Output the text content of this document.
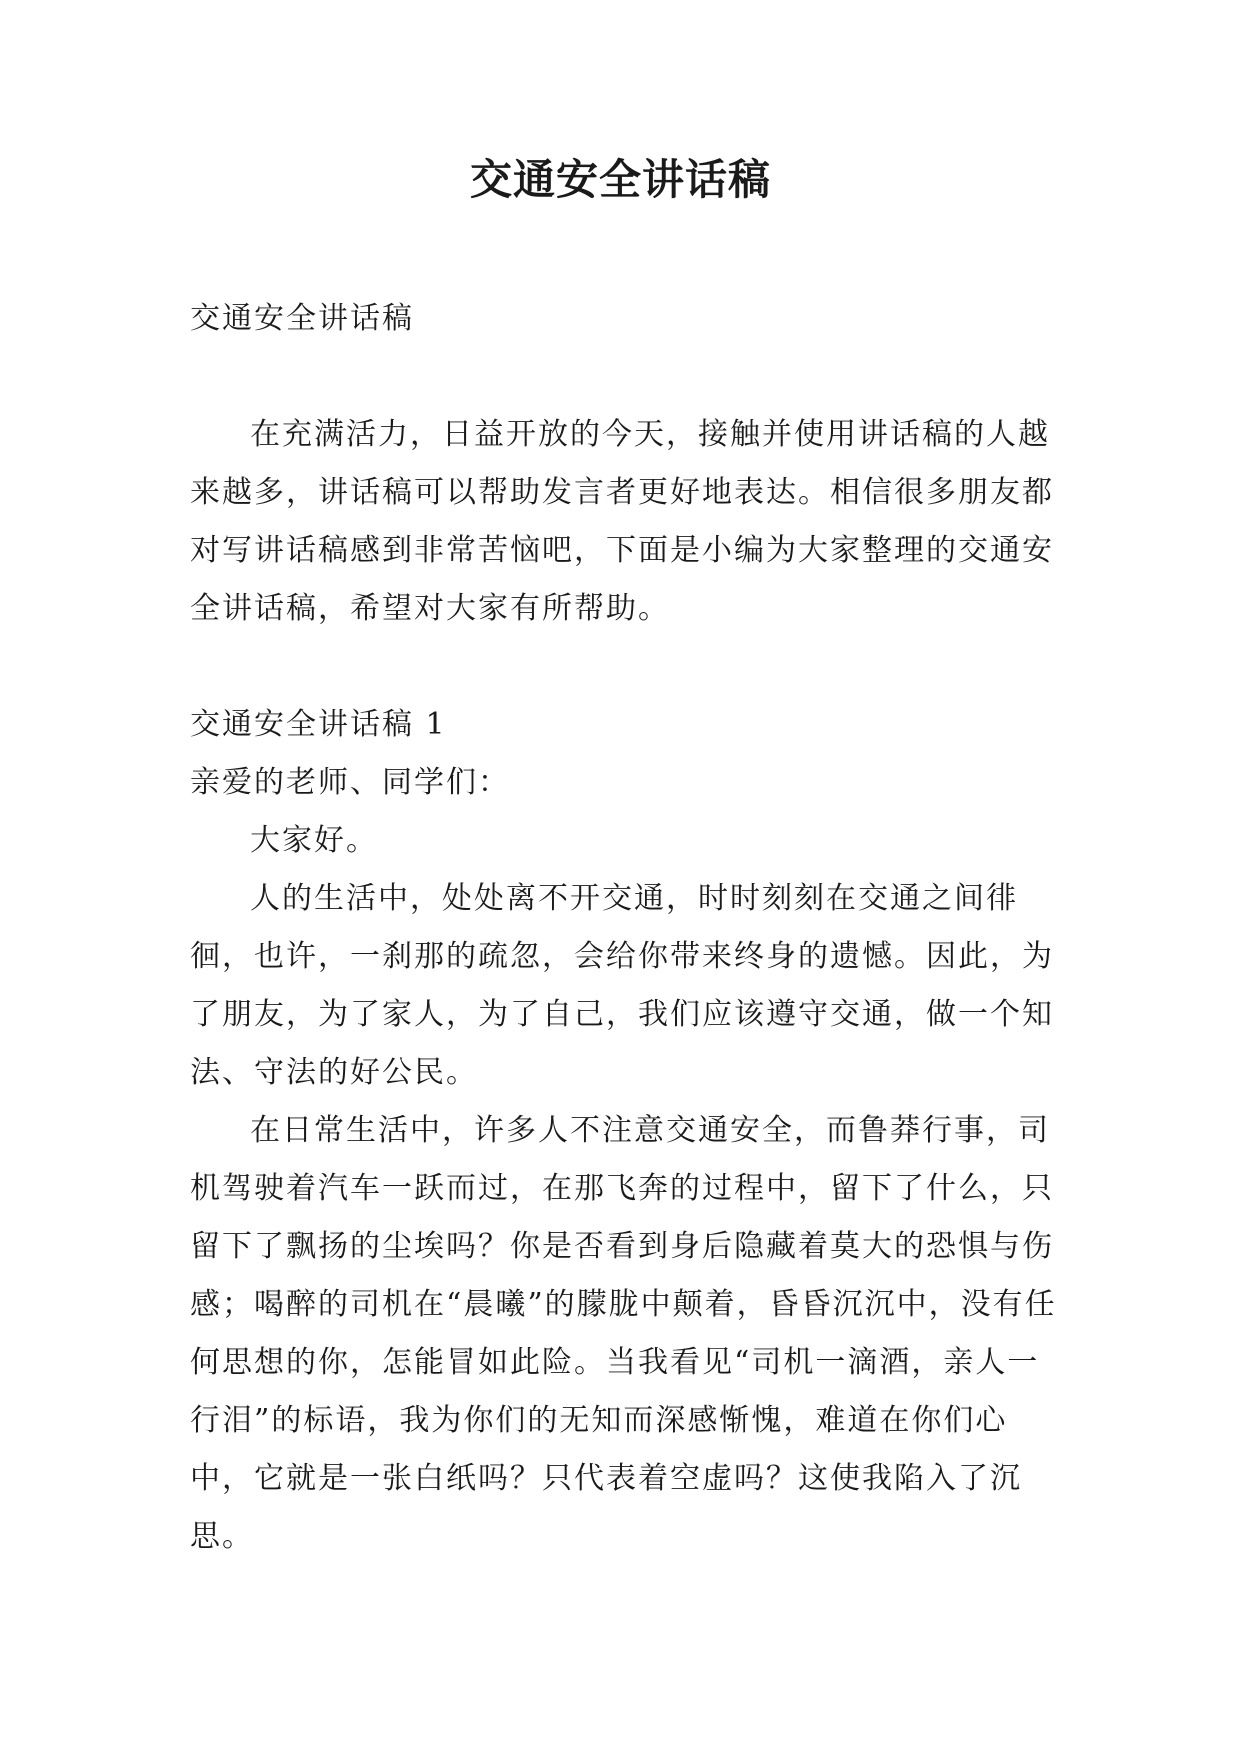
交通安全讲话稿

交通安全讲话稿

在充满活力，日益开放的今天，接触并使用讲话稿的人越来越多，讲话稿可以帮助发言者更好地表达。相信很多朋友都对写讲话稿感到非常苦恼吧，下面是小编为大家整理的交通安全讲话稿，希望对大家有所帮助。

交通安全讲话稿 1

亲爱的老师、同学们：

大家好。

人的生活中，处处离不开交通，时时刻刻在交通之间徘徊，也许，一刹那的疏忽，会给你带来终身的遗憾。因此，为了朋友，为了家人，为了自己，我们应该遵守交通，做一个知法、守法的好公民。

在日常生活中，许多人不注意交通安全，而鲁莽行事，司机驾驶着汽车一跃而过，在那飞奔的过程中，留下了什么，只留下了飘扬的尘埃吗？你是否看到身后隐藏着莫大的恐惧与伤感；喝醉的司机在“晨曦”的朦胧中颠着，昏昏沉沉中，没有任何思想的你，怎能冒如此险。当我看见“司机一滴酒，亲人一行泪”的标语，我为你们的无知而深感惭愧，难道在你们心中，它就是一张白纸吗？只代表着空虚吗？这使我陷入了沉思。
